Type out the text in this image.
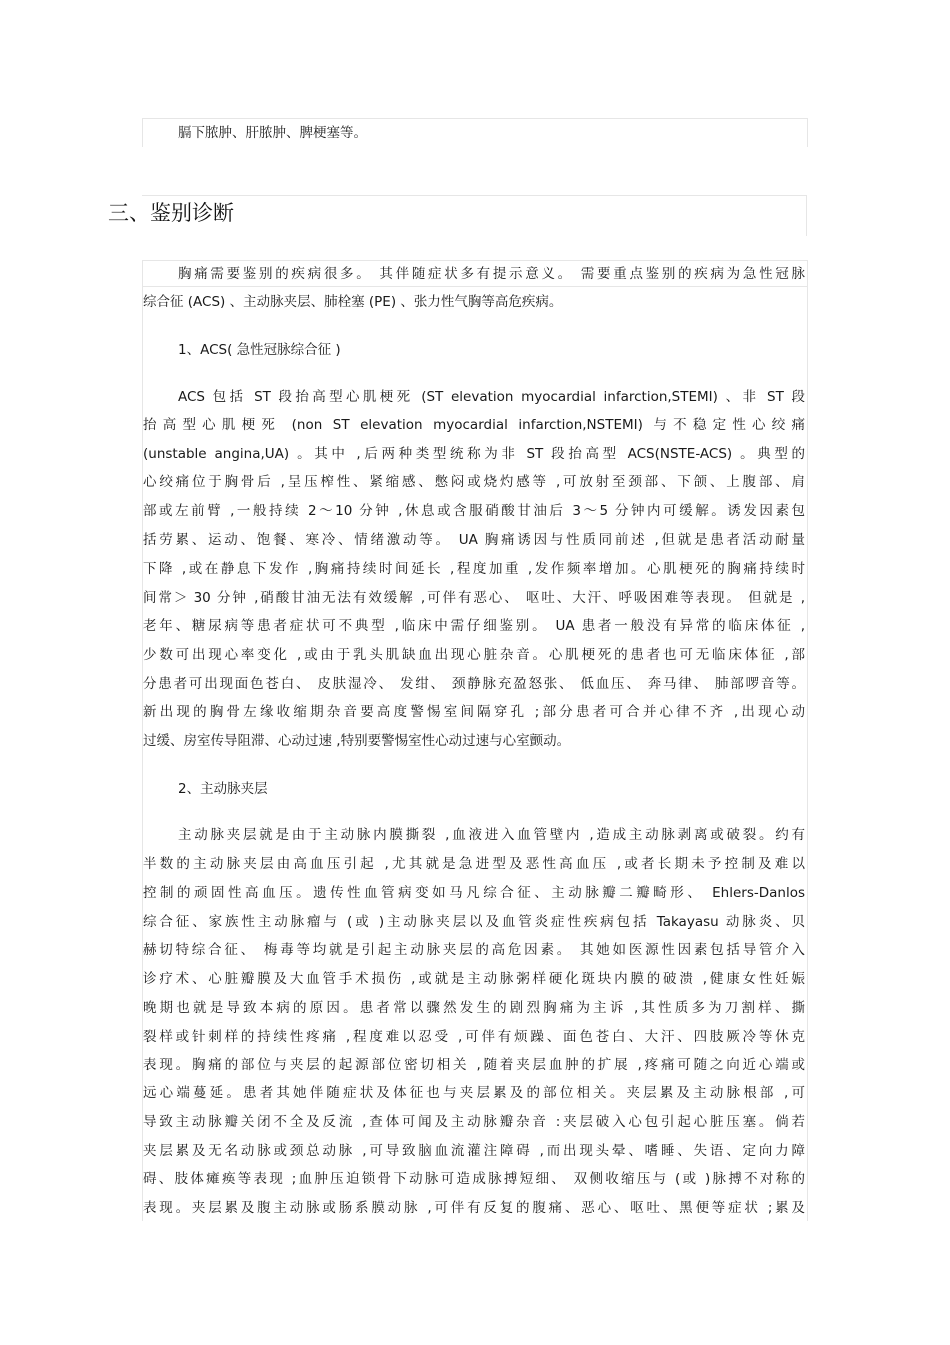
膈下脓肿、肝脓肿、脾梗塞等。
三、鉴别诊断
胸痛需要鉴别的疾病很多。 其伴随症状多有提示意义。 需要重点鉴别的疾病为急性冠脉
综合征 (ACS) 、主动脉夹层、肺栓塞 (PE) 、张力性气胸等高危疾病。
1、ACS( 急性冠脉综合征 )
ACS 包括 ST 段抬高型心肌梗死 (ST elevation myocardial infarction,STEMI) 、非 ST 段
抬高型心肌梗死 (non ST elevation myocardial infarction,NSTEMI) 与不稳定性心绞痛
(unstable angina,UA) 。其中 ,后两种类型统称为非 ST 段抬高型 ACS(NSTE-ACS) 。典型的
心绞痛位于胸骨后 ,呈压榨性、紧缩感、憋闷或烧灼感等 ,可放射至颈部、下颌、上腹部、肩
部或左前臂 ,一般持续 2～10 分钟 ,休息或含服硝酸甘油后 3～5 分钟内可缓解。诱发因素包
括劳累、运动、饱餐、寒冷、情绪激动等。 UA 胸痛诱因与性质同前述 ,但就是患者活动耐量
下降 ,或在静息下发作 ,胸痛持续时间延长 ,程度加重 ,发作频率增加。心肌梗死的胸痛持续时
间常＞ 30 分钟 ,硝酸甘油无法有效缓解 ,可伴有恶心、 呕吐、大汗、呼吸困难等表现。 但就是 ,
老年、糖尿病等患者症状可不典型 ,临床中需仔细鉴别。 UA 患者一般没有异常的临床体征 ,
少数可出现心率变化 ,或由于乳头肌缺血出现心脏杂音。心肌梗死的患者也可无临床体征 ,部
分患者可出现面色苍白、 皮肤湿冷、 发绀、 颈静脉充盈怒张、 低血压、 奔马律、 肺部啰音等。
新出现的胸骨左缘收缩期杂音要高度警惕室间隔穿孔 ;部分患者可合并心律不齐 ,出现心动
过缓、房室传导阻滞、心动过速 ,特别要警惕室性心动过速与心室颤动。
2、主动脉夹层
主动脉夹层就是由于主动脉内膜撕裂 ,血液进入血管壁内 ,造成主动脉剥离或破裂。约有
半数的主动脉夹层由高血压引起 ,尤其就是急进型及恶性高血压 ,或者长期未予控制及难以
控制的顽固性高血压。遗传性血管病变如马凡综合征、主动脉瓣二瓣畸形、 Ehlers-Danlos
综合征、家族性主动脉瘤与 (或 )主动脉夹层以及血管炎症性疾病包括 Takayasu 动脉炎、贝
赫切特综合征、 梅毒等均就是引起主动脉夹层的高危因素。 其她如医源性因素包括导管介入
诊疗术、心脏瓣膜及大血管手术损伤 ,或就是主动脉粥样硬化斑块内膜的破溃 ,健康女性妊娠
晚期也就是导致本病的原因。患者常以骤然发生的剧烈胸痛为主诉 ,其性质多为刀割样、撕
裂样或针刺样的持续性疼痛 ,程度难以忍受 ,可伴有烦躁、面色苍白、大汗、四肢厥冷等休克
表现。胸痛的部位与夹层的起源部位密切相关 ,随着夹层血肿的扩展 ,疼痛可随之向近心端或
远心端蔓延。患者其她伴随症状及体征也与夹层累及的部位相关。夹层累及主动脉根部 ,可
导致主动脉瓣关闭不全及反流 ,查体可闻及主动脉瓣杂音 :夹层破入心包引起心脏压塞。倘若
夹层累及无名动脉或颈总动脉 ,可导致脑血流灌注障碍 ,而出现头晕、嗜睡、失语、定向力障
碍、肢体瘫痪等表现 ;血肿压迫锁骨下动脉可造成脉搏短细、 双侧收缩压与 (或 )脉搏不对称的
表现。夹层累及腹主动脉或肠系膜动脉 ,可伴有反复的腹痛、恶心、呕吐、黑便等症状 ;累及
